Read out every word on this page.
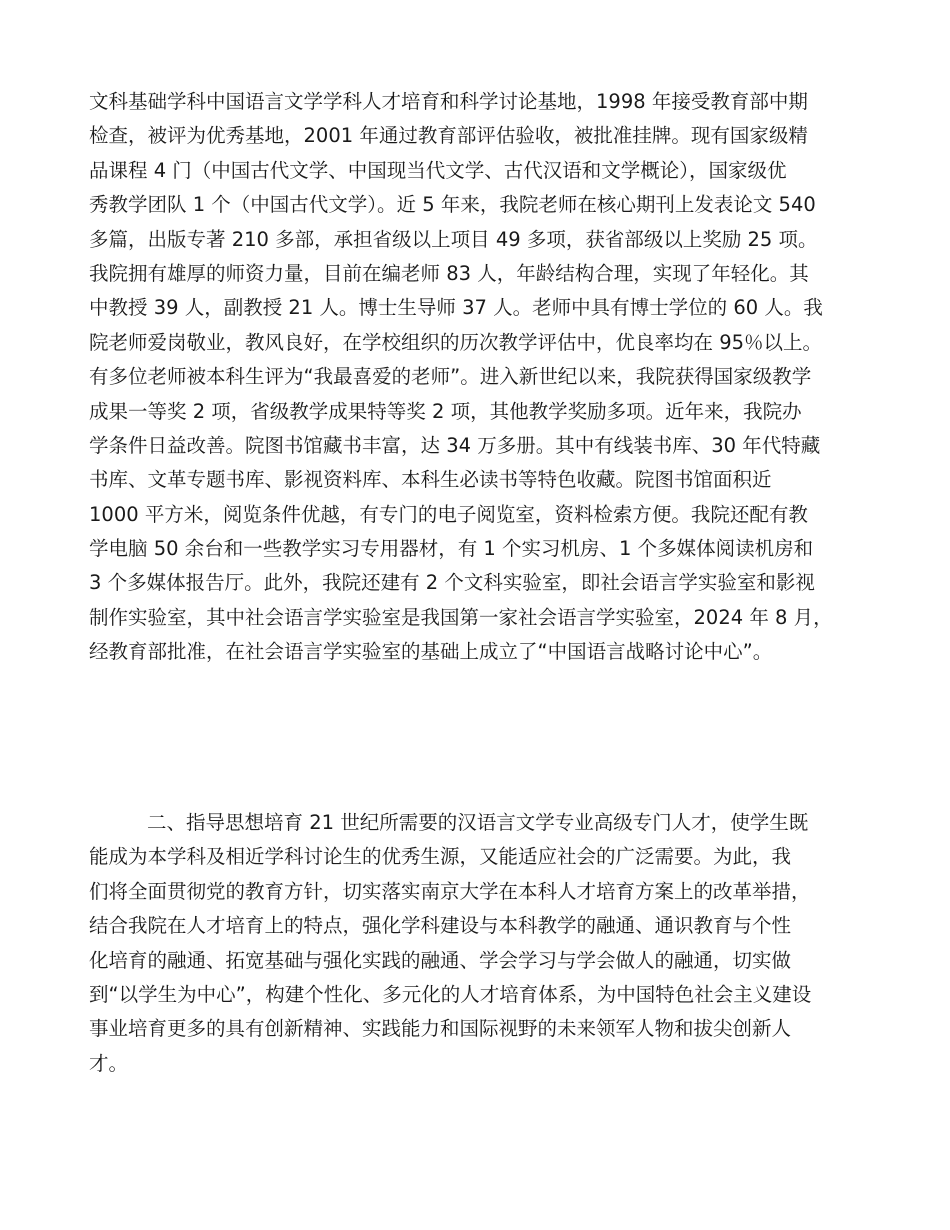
文科基础学科中国语言文学学科人才培育和科学讨论基地，1998 年接受教育部中期
检查，被评为优秀基地，2001 年通过教育部评估验收，被批准挂牌。现有国家级精
品课程 4 门（中国古代文学、中国现当代文学、古代汉语和文学概论），国家级优
秀教学团队 1 个（中国古代文学）。近 5 年来，我院老师在核心期刊上发表论文 540
多篇，出版专著 210 多部，承担省级以上项目 49 多项，获省部级以上奖励 25 项。
我院拥有雄厚的师资力量，目前在编老师 83 人，年龄结构合理，实现了年轻化。其
中教授 39 人，副教授 21 人。博士生导师 37 人。老师中具有博士学位的 60 人。我
院老师爱岗敬业，教风良好，在学校组织的历次教学评估中，优良率均在 95％以上。
有多位老师被本科生评为“我最喜爱的老师”。进入新世纪以来，我院获得国家级教学
成果一等奖 2 项，省级教学成果特等奖 2 项，其他教学奖励多项。近年来，我院办
学条件日益改善。院图书馆藏书丰富，达 34 万多册。其中有线装书库、30 年代特藏
书库、文革专题书库、影视资料库、本科生必读书等特色收藏。院图书馆面积近
1000 平方米，阅览条件优越，有专门的电子阅览室，资料检索方便。我院还配有教
学电脑 50 余台和一些教学实习专用器材，有 1 个实习机房、1 个多媒体阅读机房和
3 个多媒体报告厅。此外，我院还建有 2 个文科实验室，即社会语言学实验室和影视
制作实验室，其中社会语言学实验室是我国第一家社会语言学实验室，2024 年 8 月，
经教育部批准，在社会语言学实验室的基础上成立了“中国语言战略讨论中心”。

二、指导思想培育 21 世纪所需要的汉语言文学专业高级专门人才，使学生既
能成为本学科及相近学科讨论生的优秀生源，又能适应社会的广泛需要。为此，我
们将全面贯彻党的教育方针，切实落实南京大学在本科人才培育方案上的改革举措，
结合我院在人才培育上的特点，强化学科建设与本科教学的融通、通识教育与个性
化培育的融通、拓宽基础与强化实践的融通、学会学习与学会做人的融通，切实做
到“以学生为中心”，构建个性化、多元化的人才培育体系，为中国特色社会主义建设
事业培育更多的具有创新精神、实践能力和国际视野的未来领军人物和拔尖创新人
才。
